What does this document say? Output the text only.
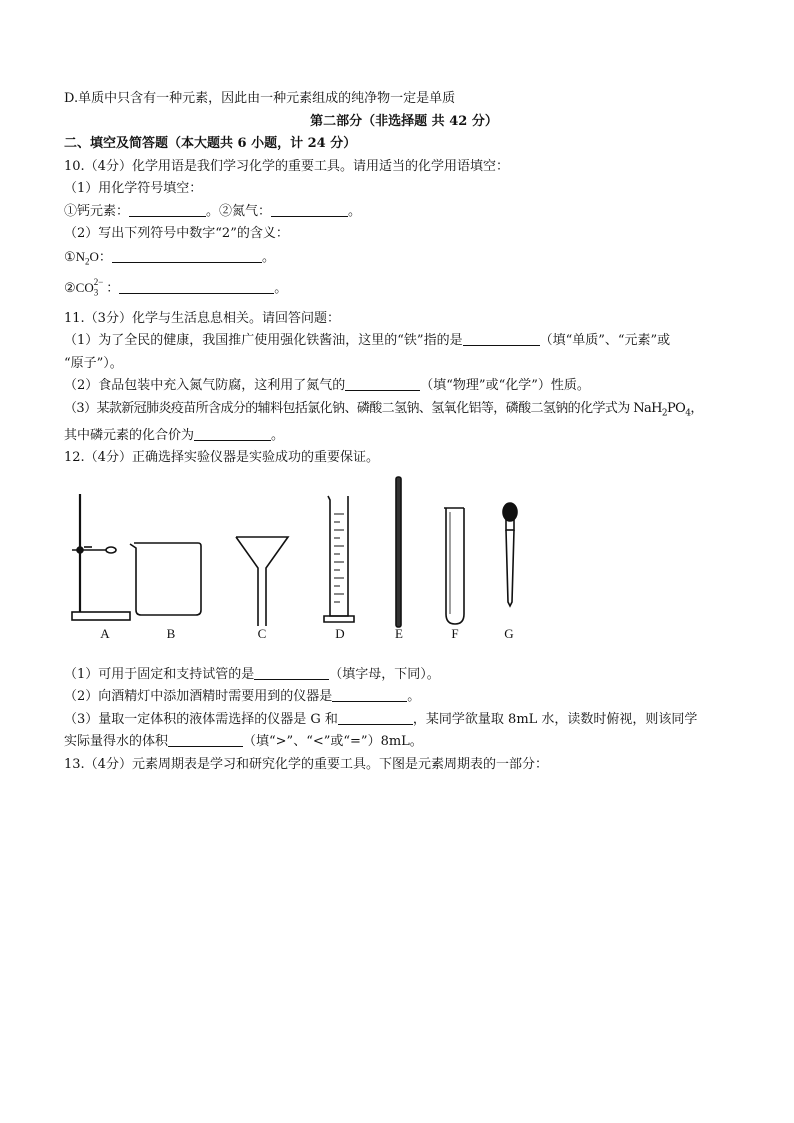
D.单质中只含有一种元素，因此由一种元素组成的纯净物一定是单质
第二部分（非选择题 共 42 分）
二、填空及简答题（本大题共 6 小题，计 24 分）
10.（4分）化学用语是我们学习化学的重要工具。请用适当的化学用语填空：
（1）用化学符号填空：
①钙元素：	。②氮气：	。
（2）写出下列符号中数字“2”的含义：
$①N_2O$：	。
②CO 2−
$_3$ ：	。
11.（3分）化学与生活息息相关。请回答问题：
（1）为了全民的健康，我国推广使用强化铁酱油，这里的“铁”指的是	（填“单质”、“元素”或
“原子”）。
（2）食品包装中充入氮气防腐，这利用了氮气的	（填“物理”或“化学”）性质。
（3）某款新冠肺炎疫苗所含成分的辅料包括氯化钠、磷酸二氢钠、氢氧化铝等，磷酸二氢钠的化学式为 $NaH_2PO_4$，
其中磷元素的化合价为	。
12.（4分）正确选择实验仪器是实验成功的重要保证。
A	B	C	D	E	F	G
（1）可用于固定和支持试管的是	（填字母，下同）。
（2）向酒精灯中添加酒精时需要用到的仪器是	。
（3）量取一定体积的液体需选择的仪器是 G 和	，某同学欲量取 8mL 水，读数时俯视，则该同学
实际量得水的体积	（填“>”、“<”或“=”）8mL。
13.（4分）元素周期表是学习和研究化学的重要工具。下图是元素周期表的一部分：
